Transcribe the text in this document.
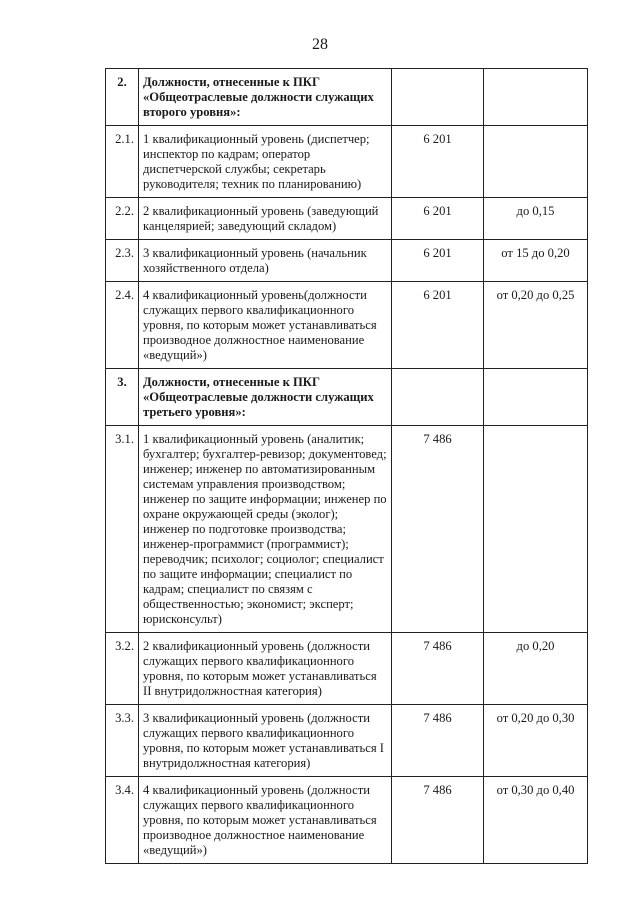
28
2.	Должности, отнесенные к ПКГ «Общеотраслевые должности служащих второго уровня»:		
2.1.	1 квалификационный уровень (диспетчер; инспектор по кадрам; оператор диспетчерской службы; секретарь руководителя; техник по планированию)	6 201	
2.2.	2 квалификационный уровень (заведующий канцелярией; заведующий складом)	6 201	до 0,15
2.3.	3 квалификационный уровень (начальник хозяйственного отдела)	6 201	от 15 до 0,20
2.4.	4 квалификационный уровень(должности служащих первого квалификационного уровня, по которым может устанавливаться производное должностное наименование «ведущий»)	6 201	от 0,20 до 0,25
3.	Должности, отнесенные к ПКГ «Общеотраслевые должности служащих третьего уровня»:		
3.1.	1 квалификационный уровень (аналитик; бухгалтер; бухгалтер-ревизор; документовед; инженер; инженер по автоматизированным системам управления производством; инженер по защите информации; инженер по охране окружающей среды (эколог); инженер по подготовке производства; инженер-программист (программист); переводчик; психолог; социолог; специалист по защите информации; специалист по кадрам; специалист по связям с общественностью; экономист; эксперт; юрисконсульт)	7 486	
3.2.	2 квалификационный уровень (должности служащих первого квалификационного уровня, по которым может устанавливаться II внутридолжностная категория)	7 486	до 0,20
3.3.	3 квалификационный уровень (должности служащих первого квалификационного уровня, по которым может устанавливаться I внутридолжностная категория)	7 486	от 0,20 до 0,30
3.4.	4 квалификационный уровень (должности служащих первого квалификационного уровня, по которым может устанавливаться производное должностное наименование «ведущий»)	7 486	от 0,30 до 0,40
